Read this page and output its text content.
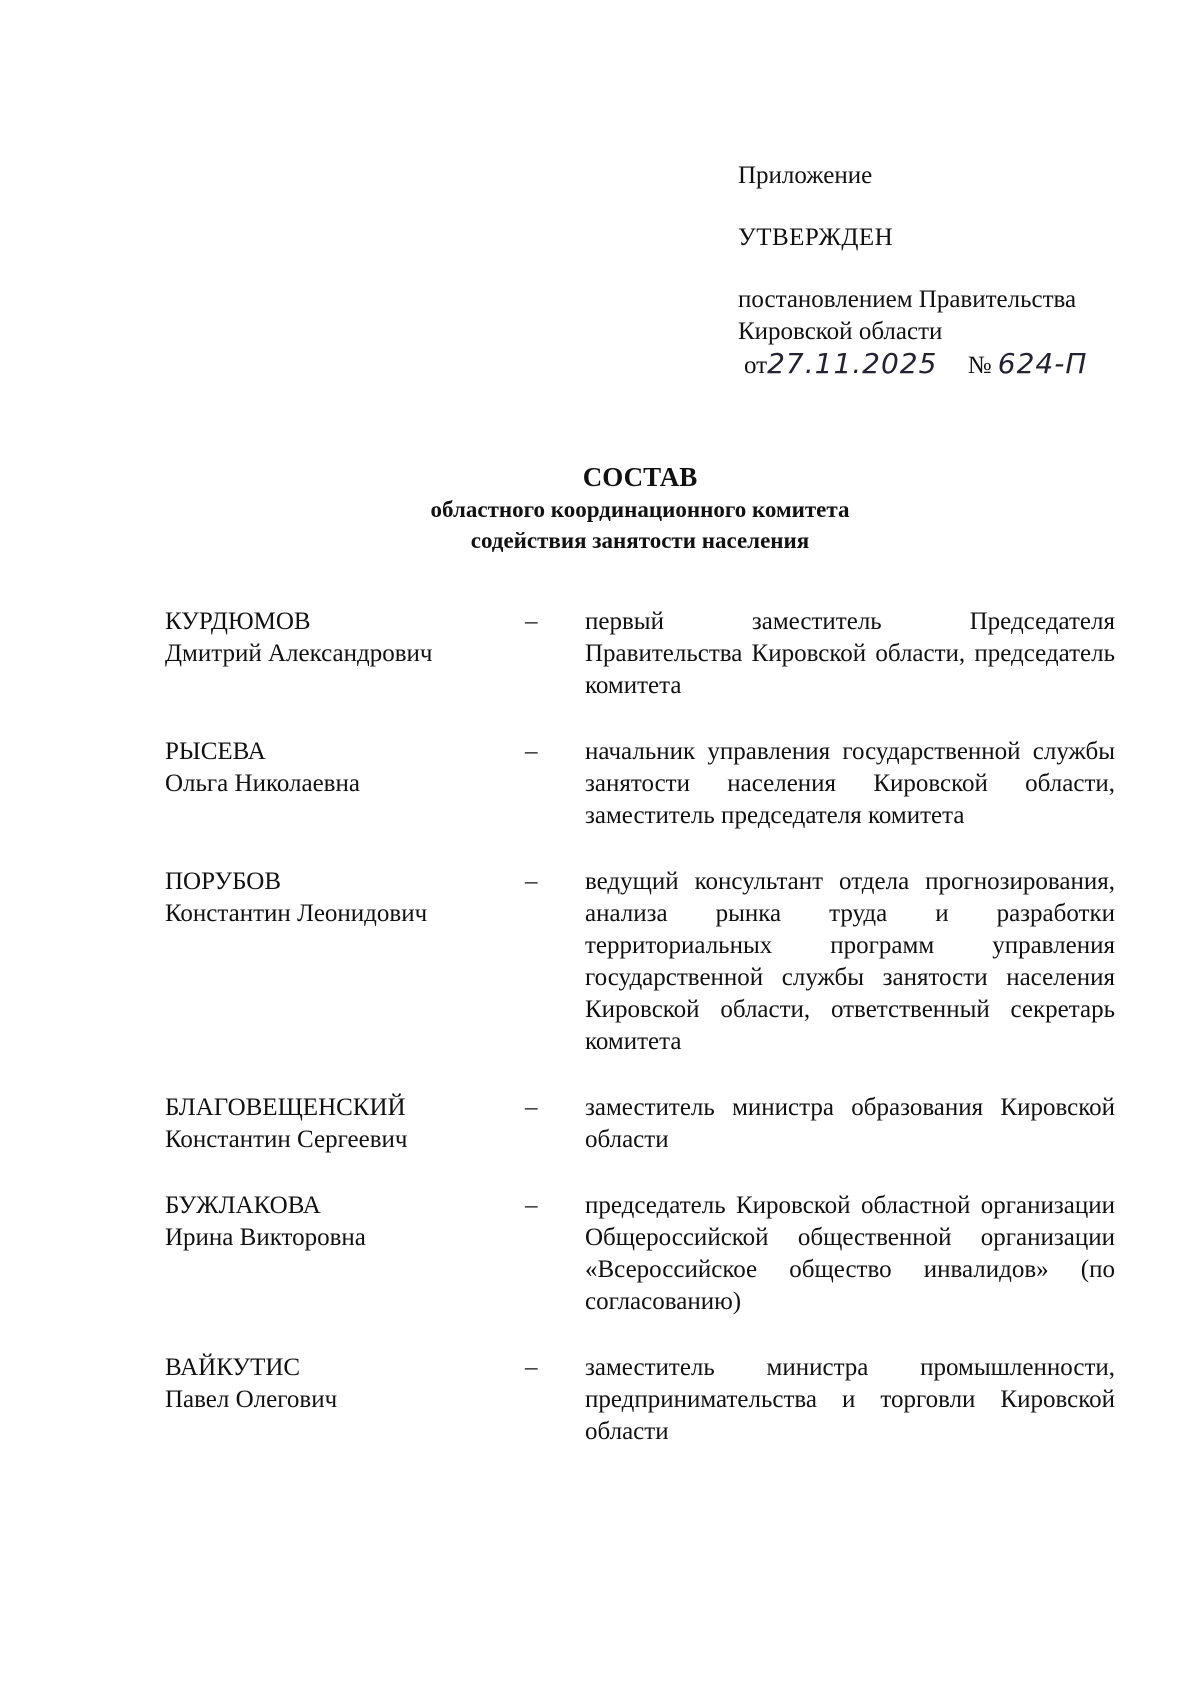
Приложение
УТВЕРЖДЕН
постановлением Правительства
Кировской области
от27.11.2025 № 624-П
СОСТАВ
областного координационного комитета
содействия занятости населения
КУРДЮМОВ
Дмитрий Александрович
–	первый заместитель Председателя Правительства Кировской области, председатель комитета
РЫСЕВА
Ольга Николаевна
–	начальник управления государственной службы занятости населения Кировской области, заместитель председателя комитета
ПОРУБОВ
Константин Леонидович
–	ведущий консультант отдела прогнозирования, анализа рынка труда и разработки территориальных программ управления государственной службы занятости населения Кировской области, ответственный секретарь комитета
БЛАГОВЕЩЕНСКИЙ
Константин Сергеевич
–	заместитель министра образования Кировской области
БУЖЛАКОВА
Ирина Викторовна
–	председатель Кировской областной организации Общероссийской общественной организации «Всероссийское общество инвалидов» (по согласованию)
ВАЙКУТИС
Павел Олегович
–	заместитель министра промышленности, предпринимательства и торговли Кировской области
